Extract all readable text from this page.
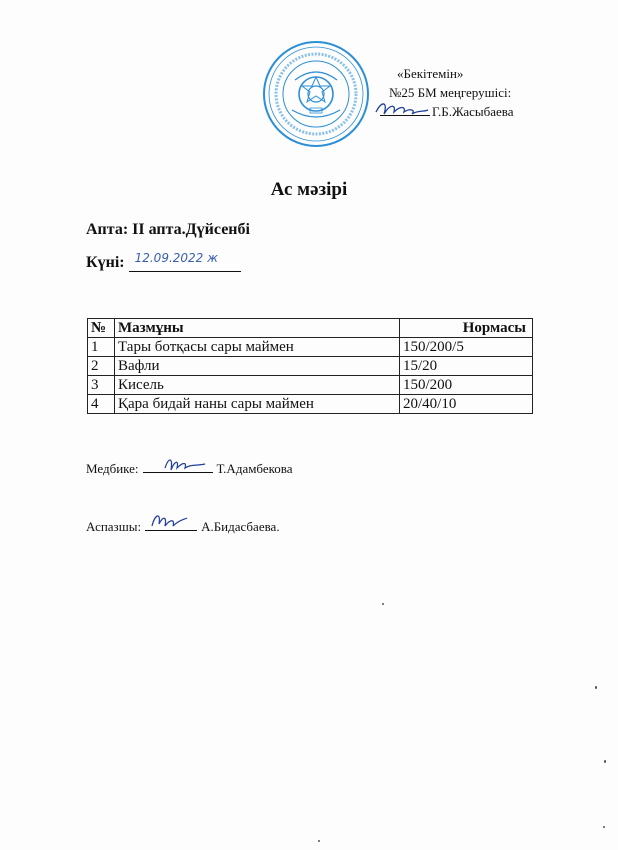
«Бекітемін»
№25 БМ меңгерушісі:
Г.Б.Жасыбаева
Ас мәзірі
Апта: II апта.Дүйсенбі
Күні: 12.09.2022 ж
№	Мазмұны	Нормасы
1	Тары ботқасы сары маймен	150/200/5
2	Вафли	15/20
3	Кисель	150/200
4	Қара бидай наны сары маймен	20/40/10
Медбике:	Т.Адамбекова
Аспазшы:	А.Бидасбаева.
